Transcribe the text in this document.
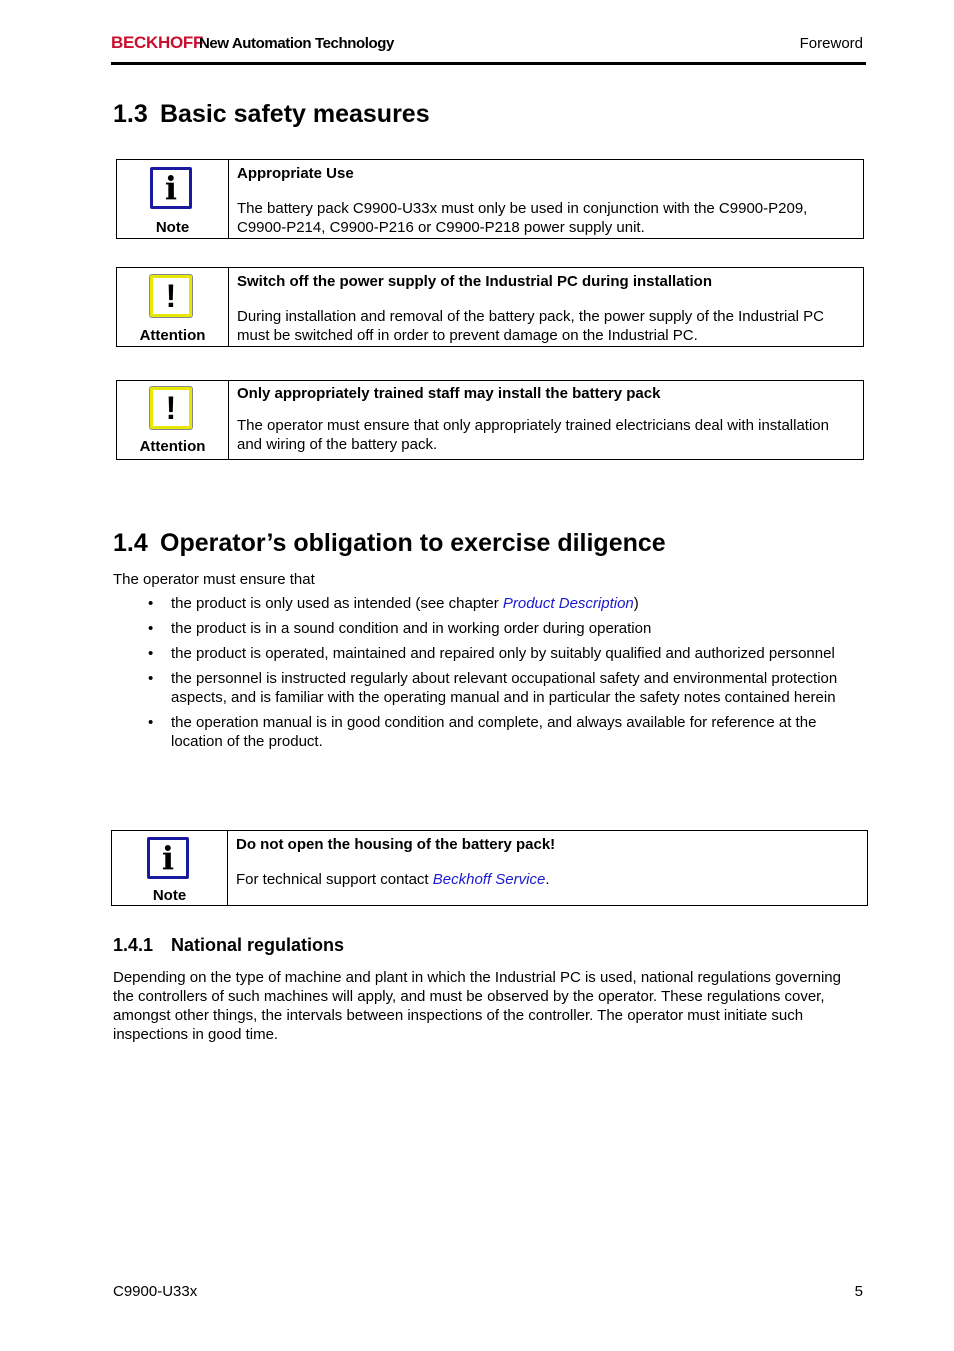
BECKHOFF
New Automation Technology	Foreword
1.3 Basic safety measures
i
Note
Appropriate Use
The battery pack C9900-U33x must only be used in conjunction with the C9900-P209, C9900-P214, C9900-P216 or C9900-P218 power supply unit.
!
Attention
Switch off the power supply of the Industrial PC during installation
During installation and removal of the battery pack, the power supply of the Industrial PC must be switched off in order to prevent damage on the Industrial PC.
!
Attention
Only appropriately trained staff may install the battery pack
The operator must ensure that only appropriately trained electricians deal with installation and wiring of the battery pack.
1.4 Operator’s obligation to exercise diligence
The operator must ensure that
• the product is only used as intended (see chapter Product Description)
• the product is in a sound condition and in working order during operation
• the product is operated, maintained and repaired only by suitably qualified and authorized personnel
• the personnel is instructed regularly about relevant occupational safety and environmental protection aspects, and is familiar with the operating manual and in particular the safety notes contained herein
• the operation manual is in good condition and complete, and always available for reference at the location of the product.
i
Note
Do not open the housing of the battery pack!
For technical support contact Beckhoff Service.
1.4.1 National regulations
Depending on the type of machine and plant in which the Industrial PC is used, national regulations governing the controllers of such machines will apply, and must be observed by the operator. These regulations cover, amongst other things, the intervals between inspections of the controller. The operator must initiate such inspections in good time.
C9900-U33x	5
